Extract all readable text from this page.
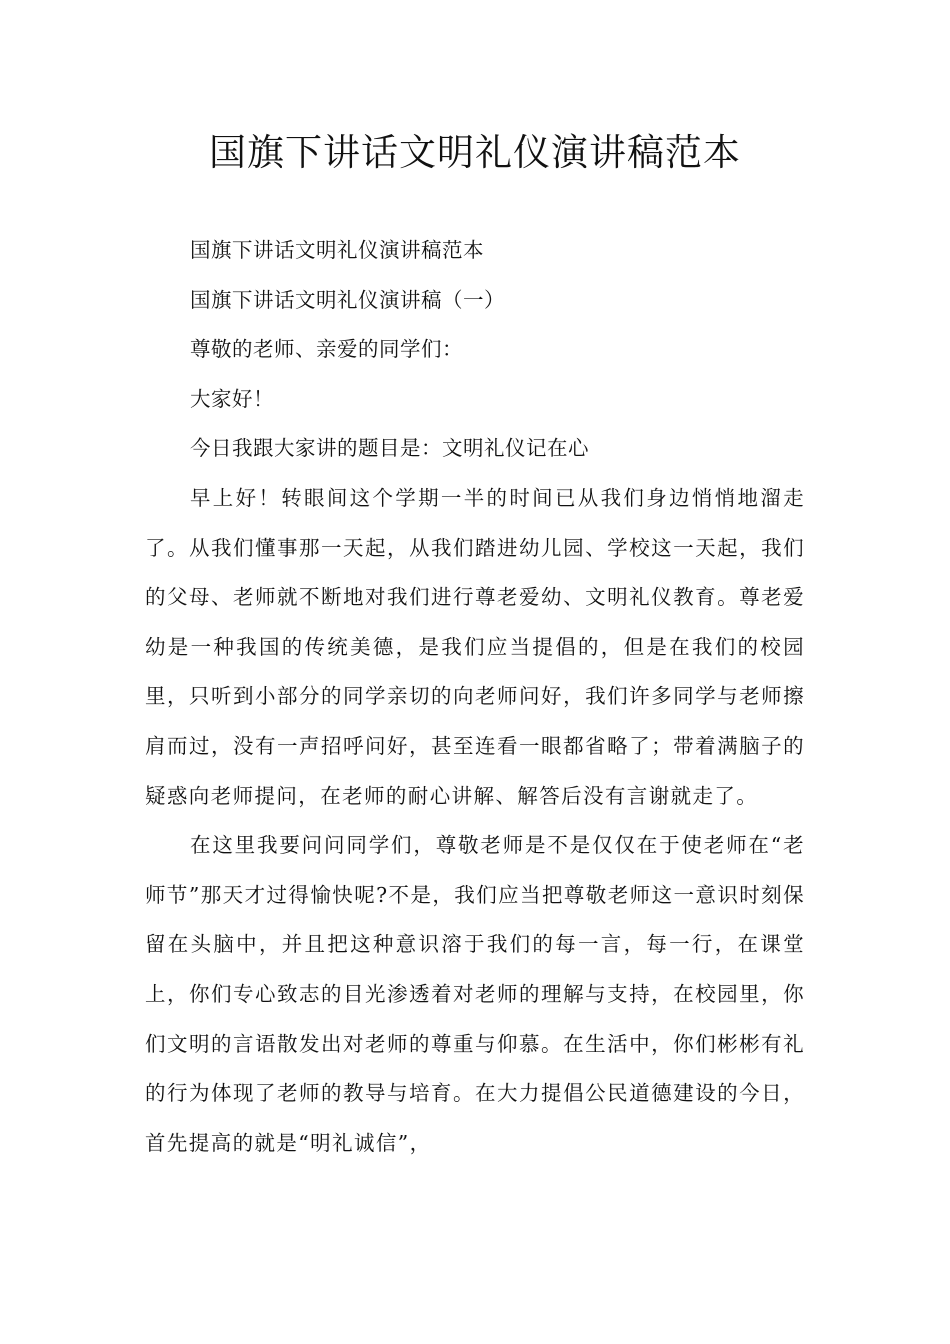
国旗下讲话文明礼仪演讲稿范本

国旗下讲话文明礼仪演讲稿范本

国旗下讲话文明礼仪演讲稿（一）

尊敬的老师、亲爱的同学们：

大家好！

今日我跟大家讲的题目是：文明礼仪记在心

早上好！转眼间这个学期一半的时间已从我们身边悄悄地溜走了。从我们懂事那一天起，从我们踏进幼儿园、学校这一天起，我们的父母、老师就不断地对我们进行尊老爱幼、文明礼仪教育。尊老爱幼是一种我国的传统美德，是我们应当提倡的，但是在我们的校园里，只听到小部分的同学亲切的向老师问好，我们许多同学与老师擦肩而过，没有一声招呼问好，甚至连看一眼都省略了；带着满脑子的疑惑向老师提问，在老师的耐心讲解、解答后没有言谢就走了。

在这里我要问问同学们，尊敬老师是不是仅仅在于使老师在“老师节”那天才过得愉快呢?不是，我们应当把尊敬老师这一意识时刻保留在头脑中，并且把这种意识溶于我们的每一言，每一行，在课堂上，你们专心致志的目光渗透着对老师的理解与支持，在校园里，你们文明的言语散发出对老师的尊重与仰慕。在生活中，你们彬彬有礼的行为体现了老师的教导与培育。在大力提倡公民道德建设的今日，首先提高的就是“明礼诚信”，
